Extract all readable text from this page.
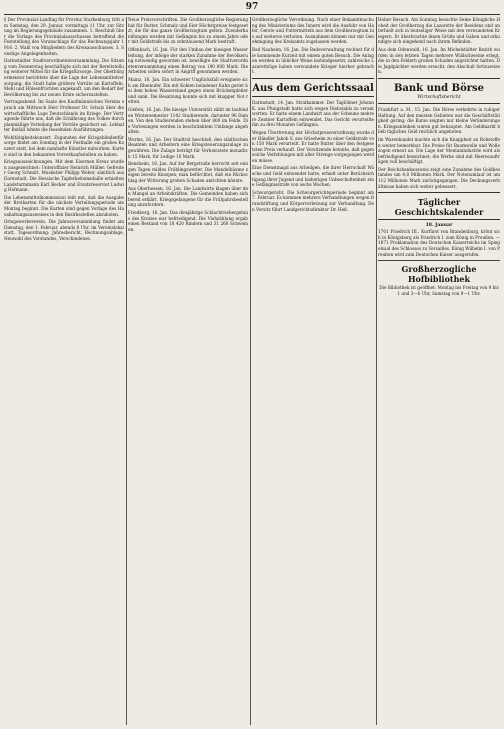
97

§ Der Provinzial-Landtag für Provinz Starkenburg tritt am Samstag, den 29. Januar, vormittags 11 Uhr, zur Sitzung im Regierungsgebäude zusammen. 1. Beschluß über die Vorlage des Provinzialausschusses betreffend die Feststellung des Voranschlags für das Rechnungsjahr 1916. 2. Wahl von Mitgliedern des Kreisausschusses. 3. Sonstige Angelegenheiten.

Darmstädter Stadtverordnetenversammlung. Die Sitzung vom Donnerstag beschäftigte sich mit der Bereitstellung weiterer Mittel für die Kriegsfürsorge. Der Oberbürgermeister berichtete über die Lage der Lebensmittelversorgung; die Stadt habe größere Vorräte an Kartoffeln, Mehl und Hülsenfrüchten angekauft, um den Bedarf der Bevölkerung bis zur neuen Ernte sicherzustellen.

Vortragsabend. Im Saale des Kaufmännischen Vereins sprach am Mittwoch Herr Professor Dr. Schulz über die wirtschaftliche Lage Deutschlands im Kriege. Der Vortragende führte aus, daß die Ernährung des Volkes durch planmäßige Verteilung der Vorräte gesichert sei. Lebhafter Beifall lohnte die fesselnden Ausführungen.

Wohltätigkeitskonzert. Zugunsten der Kriegsblindenfürsorge findet am Sonntag in der Festhalle ein großes Konzert statt, bei dem namhafte Künstler mitwirken. Karten sind in den bekannten Vorverkaufsstellen zu haben.

Kriegsauszeichnungen. Mit dem Eisernen Kreuz wurden ausgezeichnet: Unteroffizier Heinrich Müller, Gefreiter Georg Schmitt, Musketier Philipp Weber, sämtlich aus Darmstadt. Die Hessische Tapferkeitsmedaille erhielten Landsturmmann Karl Becker und Ersatzreservist Ludwig Hofmann.

Die Lebensmittelkommission teilt mit, daß die Ausgabe der Brotkarten für die nächste Verteilungsperiode am Montag beginnt. Die Karten sind gegen Vorlage des Haushaltungsausweises in den Bezirksstellen abzuholen.

Ortsgewerbeverein. Die Jahresversammlung findet am Dienstag, den 1. Februar, abends 8 Uhr, im Vereinslokal statt. Tagesordnung: Jahresbericht, Rechnungsablage, Neuwahl des Vorstandes, Verschiedenes.

Neue Preisvorschriften. Die Großherzogliche Regierung hat für Butter, Schmalz und Eier Höchstpreise festgesetzt, die für das ganze Großherzogtum gelten. Zuwiderhandlungen werden mit Gefängnis bis zu einem Jahre oder mit Geldstrafe bis zu zehntausend Mark bestraft.

Offenbach, 16. Jan. Für den Umbau der hiesigen Wasserleitung, der infolge der starken Zunahme der Bevölkerung notwendig geworden ist, bewilligte die Stadtverordnetenversammlung einen Betrag von 180 000 Mark. Die Arbeiten sollen sofort in Angriff genommen werden.

Mainz, 16. Jan. Ein schwerer Unglücksfall ereignete sich am Rheinufer. Ein mit Kohlen beladener Kahn geriet bei dem hohen Wasserstand gegen einen Brückenpfeiler und sank. Die Besatzung konnte sich mit knapper Not retten.

Gießen, 16. Jan. Die hiesige Universität zählt im laufenden Wintersemester 1142 Studierende, darunter 96 Damen. Von den Studierenden stehen über 800 im Felde. Die Vorlesungen werden in beschränktem Umfange abgehalten.

Worms, 16. Jan. Der Stadtrat beschloß, den städtischen Beamten und Arbeitern eine Kriegsteuerungszulage zu gewähren. Die Zulage beträgt für Verheiratete monatlich 15 Mark, für Ledige 10 Mark.

Bensheim, 16. Jan. Auf der Bergstraße herrscht seit einigen Tagen mildes Frühlingswetter. Die Mandelbäume zeigen bereits Knospen; man befürchtet, daß ein Rückschlag der Witterung großen Schaden anrichten könnte.

Aus Oberhessen, 16. Jan. Die Landwirte klagen über den Mangel an Arbeitskräften. Die Gemeinden haben sich bereit erklärt, Kriegsgefangene für die Frühjahrsbestellung anzufordern.

Friedberg, 16. Jan. Das diesjährige Schlachtviehergebnis des Kreises war befriedigend. Die Viehzählung ergab einen Bestand von 18 420 Rindern und 31 260 Schweinen.

Großherzogliche Verordnung. Nach einer Bekanntmachung des Ministeriums des Innern wird die Ausfuhr von Hafer, Gerste und Futtermitteln aus dem Großherzogtum bis auf weiteres verboten. Ausnahmen können nur mit Genehmigung des Kreisamts zugelassen werden.

Bad Nauheim, 16. Jan. Die Badeverwaltung rechnet für die kommende Kurzeit mit einem guten Besuch. Die Anlagen werden in üblicher Weise instandgesetzt; zahlreiche Lazarettzüge haben verwundete Krieger hierher gebracht.

Aus dem Gerichtssaal

Darmstadt, 14. Jan. Strafkammer. Der Taglöhner Johann K. aus Pfungstadt hatte sich wegen Diebstahls zu verantworten. Er hatte einem Landwirt aus der Scheune mehrere Zentner Kartoffeln entwendet. Das Gericht verurteilte ihn zu drei Monaten Gefängnis.

Wegen Übertretung der Höchstpreisverordnung wurde der Händler Jakob S. aus Griesheim zu einer Geldstrafe von 150 Mark verurteilt. Er hatte Butter über den festgesetzten Preis verkauft. Der Vorsitzende betonte, daß gegen solche Verfehlungen mit aller Strenge vorgegangen werden müsse.

Eine Dienstmagd aus Arheilgen, die ihrer Herrschaft Wäsche und Geld entwendet hatte, erhielt unter Berücksichtigung ihrer Jugend und bisherigen Unbescholtenheit eine Gefängnisstrafe von sechs Wochen.

Schwurgericht. Die Schwurgerichtsperiode beginnt am 7. Februar. Es kommen mehrere Verhandlungen wegen Brandstiftung und Körperverletzung zur Verhandlung. Den Vorsitz führt Landgerichtsdirektor Dr. Heß.

Hoher Besuch. Am Sonntag besuchte Seine Königliche Hoheit der Großherzog die Lazarette der Residenz und unterhielt sich in leutseliger Weise mit den verwundeten Kriegern. Er überbrachte ihnen Grüße und Gaben und erkundigte sich eingehend nach ihrem Befinden.

Aus dem Odenwald, 16. Jan. Im Michelstädter Bezirk wurden in den letzten Tagen mehrere Wildschweine erlegt, die in den Feldern großen Schaden angerichtet hatten. Die Jagdpächter werden ersucht, den Abschuß fortzusetzen.

Bank und Börse
Wirtschaftsbericht

Frankfurt a. M., 15. Jan. Die Börse verkehrte in ruhiger Haltung. Auf den meisten Gebieten war die Geschäftstätigkeit gering; die Kurse zeigten nur kleine Veränderungen. Kriegsanleihen waren gut behauptet. Am Geldmarkt blieb tägliches Geld reichlich angeboten.

Im Warenhandel machte sich die Knappheit an Rohstoffen weiter bemerkbar. Die Preise für Baumwolle und Wolle zogen erneut an. Die Lage der Montanindustrie wird als befriedigend bezeichnet; die Werke sind mit Heeresaufträgen voll beschäftigt.

Der Reichsbankausweis zeigt eine Zunahme des Goldbestandes um 4,8 Millionen Mark. Der Notenumlauf ist um 112 Millionen Mark zurückgegangen. Die Deckungsverhältnisse haben sich weiter gebessert.

Täglicher Geschichtskalender
18. Januar

1701 Friedrich III., Kurfürst von Brandenburg, krönt sich in Königsberg als Friedrich I. zum König in Preußen. — 1871 Proklamation des Deutschen Kaiserreichs im Spiegelsaal des Schlosses zu Versailles. König Wilhelm I. von Preußen wird zum Deutschen Kaiser ausgerufen.

Großherzogliche Hofbibliothek

Die Bibliothek ist geöffnet: Montag bis Freitag von 9 bis 1 und 3—6 Uhr, Samstag von 9—1 Uhr.
